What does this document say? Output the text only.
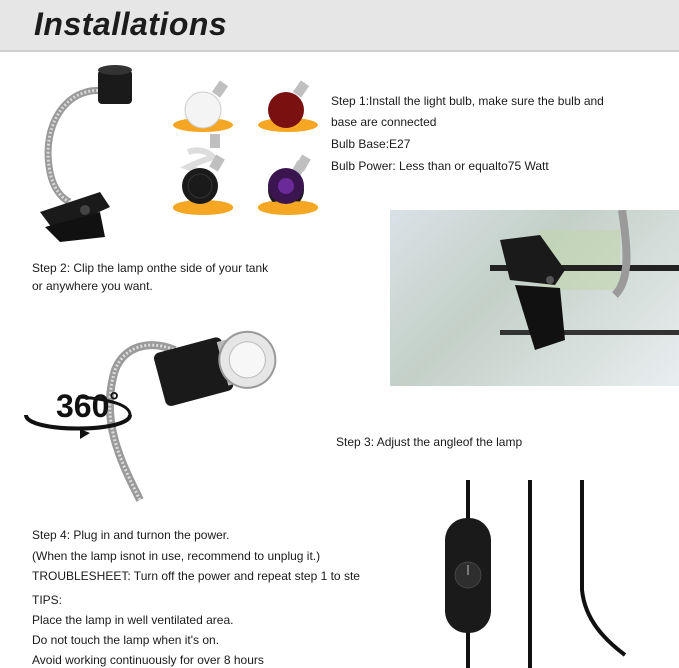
Installations
Step 1:Install the light bulb, make sure the bulb and
base are connected
Bulb Base:E27
Bulb Power: Less than or equalto75 Watt
Step 2: Clip the lamp onthe side of your tank
or anywhere you want.
360°
Step 3: Adjust the angleof the lamp
Step 4: Plug in and turnon the power.
(When the lamp isnot in use, recommend to unplug it.)
TROUBLESHEET: Turn off the power and repeat step 1 to ste
TIPS:
Place the lamp in well ventilated area.
Do not touch the lamp when it's on.
Avoid working continuously for over 8 hours
